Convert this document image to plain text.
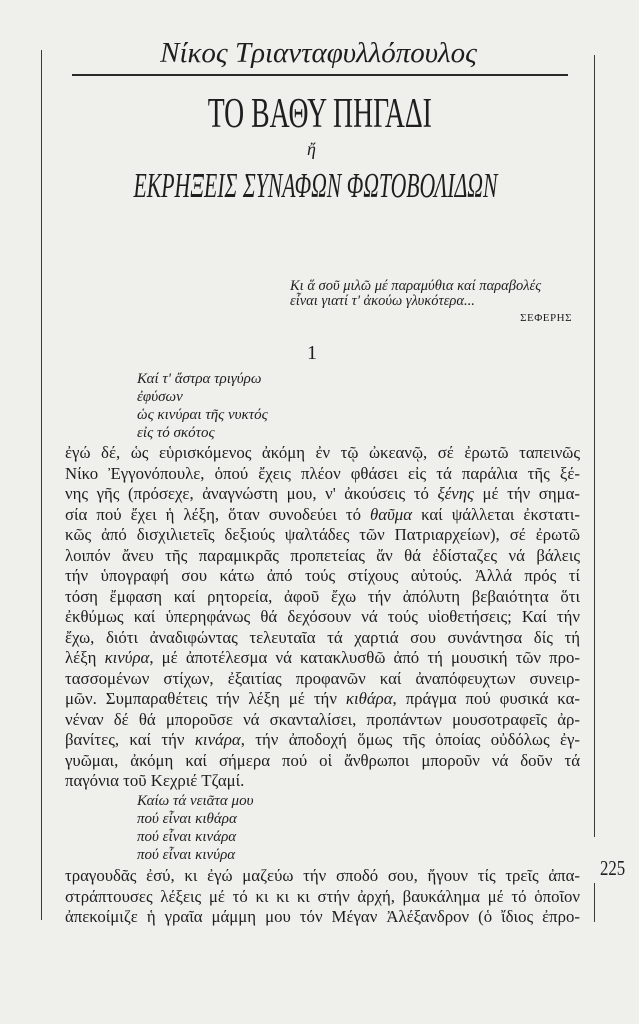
Νίκος Τριανταφυλλόπουλος
ΤΟ ΒΑΘΥ ΠΗΓΑΔΙ
ἤ
ΕΚΡΗΞΕΙΣ ΣΥΝΑΦΩΝ ΦΩΤΟΒΟΛΙΔΩΝ
Κι ἅ σοῦ μιλῶ μέ παραμύθια καί παραβολές
εἶναι γιατί τ' ἀκούω γλυκότερα...
ΣΕΦΕΡΗΣ
1
Καί τ' ἄστρα τριγύρω
ἐφύσων
ὡς κινύραι τῆς νυκτός
εἰς τό σκότος
ἐγώ δέ, ὡς εὑρισκόμενος ἀκόμη ἐν τῷ ὠκεανῷ, σέ ἐρωτῶ ταπεινῶς
Νίκο Ἐγγονόπουλε, ὁπού ἔχεις πλέον φθάσει εἰς τά παράλια τῆς ξέ-
νης γῆς (πρόσεχε, ἀναγνώστη μου, ν' ἀκούσεις τό ξένης μέ τήν σημα-
σία πού ἔχει ἡ λέξη, ὅταν συνοδεύει τό θαῦμα καί ψάλλεται ἐκστατι-
κῶς ἀπό δισχιλιετεῖς δεξιούς ψαλτάδες τῶν Πατριαρχείων), σέ ἐρωτῶ
λοιπόν ἄνευ τῆς παραμικρᾶς προπετείας ἄν θά ἐδίσταζες νά βάλεις
τήν ὑπογραφή σου κάτω ἀπό τούς στίχους αὐτούς. Ἀλλά πρός τί
τόση ἔμφαση καί ρητορεία, ἀφοῦ ἔχω τήν ἀπόλυτη βεβαιότητα ὅτι
ἐκθύμως καί ὑπερηφάνως θά δεχόσουν νά τούς υἱοθετήσεις; Καί τήν
ἔχω, διότι ἀναδιφώντας τελευταῖα τά χαρτιά σου συνάντησα δίς τή
λέξη κινύρα, μέ ἀποτέλεσμα νά κατακλυσθῶ ἀπό τή μουσική τῶν προ-
τασσομένων στίχων, ἐξαιτίας προφανῶν καί ἀναπόφευχτων συνειρ-
μῶν. Συμπαραθέτεις τήν λέξη μέ τήν κιθάρα, πράγμα πού φυσικά κα-
νέναν δέ θά μποροῦσε νά σκανταλίσει, προπάντων μουσοτραφεῖς ἀρ-
βανίτες, καί τήν κινάρα, τήν ἀποδοχή ὅμως τῆς ὁποίας οὐδόλως ἐγ-
γυῶμαι, ἀκόμη καί σήμερα πού οἱ ἄνθρωποι μποροῦν νά δοῦν τά
παγόνια τοῦ Κεχριέ Τζαμί.
Καίω τά νειᾶτα μου
πού εἶναι κιθάρα
πού εἶναι κινάρα
πού εἶναι κινύρα
τραγουδᾶς ἐσύ, κι ἐγώ μαζεύω τήν σποδό σου, ἤγουν τίς τρεῖς ἀπα-
στράπτουσες λέξεις μέ τό κι κι κι στήν ἀρχή, βαυκάλημα μέ τό ὁποῖον
ἀπεκοίμιζε ἡ γραῖα μάμμη μου τόν Μέγαν Ἀλέξανδρον (ὁ ἴδιος ἐπρο-
225
